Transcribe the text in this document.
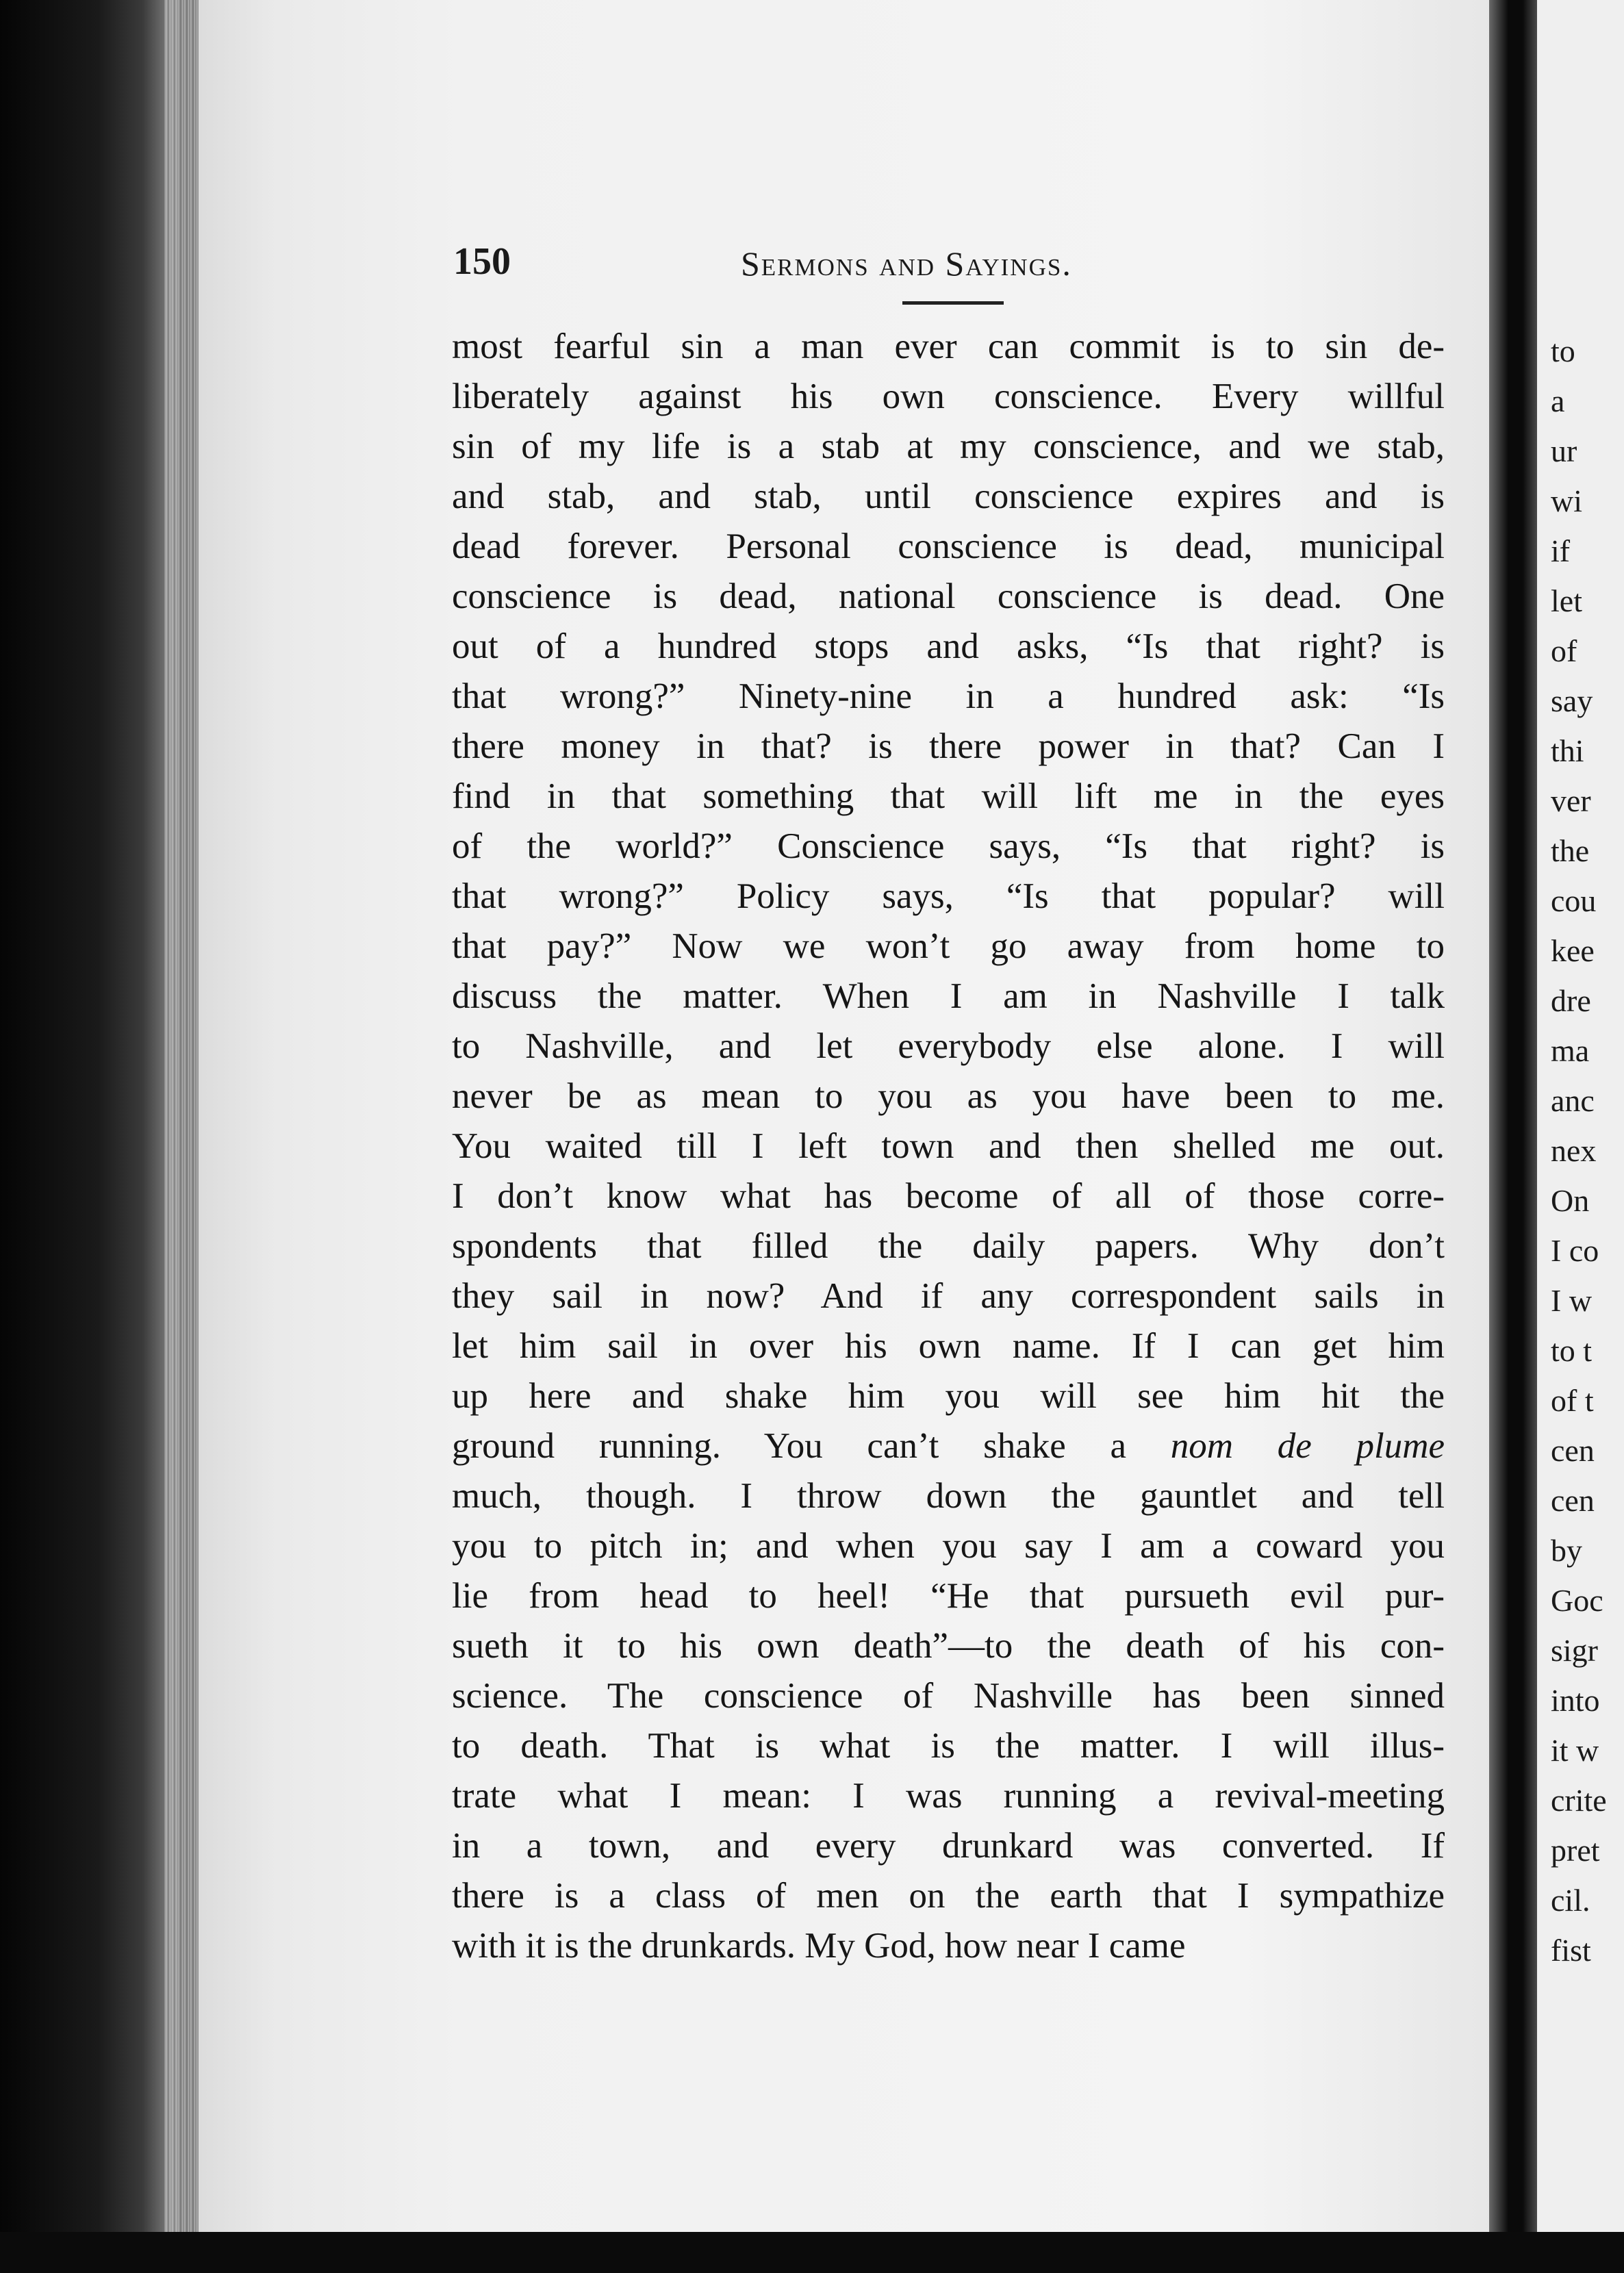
150	Sermons and Sayings.
most fearful sin a man ever can commit is to sin de-
liberately against his own conscience. Every willful
sin of my life is a stab at my conscience, and we stab,
and stab, and stab, until conscience expires and is
dead forever. Personal conscience is dead, municipal
conscience is dead, national conscience is dead. One
out of a hundred stops and asks, “Is that right? is
that wrong?” Ninety-nine in a hundred ask: “Is
there money in that? is there power in that? Can I
find in that something that will lift me in the eyes
of the world?” Conscience says, “Is that right? is
that wrong?” Policy says, “Is that popular? will
that pay?” Now we won’t go away from home to
discuss the matter. When I am in Nashville I talk
to Nashville, and let everybody else alone. I will
never be as mean to you as you have been to me.
You waited till I left town and then shelled me out.
I don’t know what has become of all of those corre-
spondents that filled the daily papers. Why don’t
they sail in now? And if any correspondent sails in
let him sail in over his own name. If I can get him
up here and shake him you will see him hit the
ground running. You can’t shake a nom de plume
much, though. I throw down the gauntlet and tell
you to pitch in; and when you say I am a coward you
lie from head to heel! “He that pursueth evil pur-
sueth it to his own death”—to the death of his con-
science. The conscience of Nashville has been sinned
to death. That is what is the matter. I will illus-
trate what I mean: I was running a revival-meeting
in a town, and every drunkard was converted. If
there is a class of men on the earth that I sympathize
with it is the drunkards. My God, how near I came
to
a
ur
wi
if
let
of
say
thi
ver
the
cou
kee
dre
ma
anc
nex
On
I co
I w
to t
of t
cen
cen
by
Goc
sigr
into
it w
crite
pret
cil.
fist
